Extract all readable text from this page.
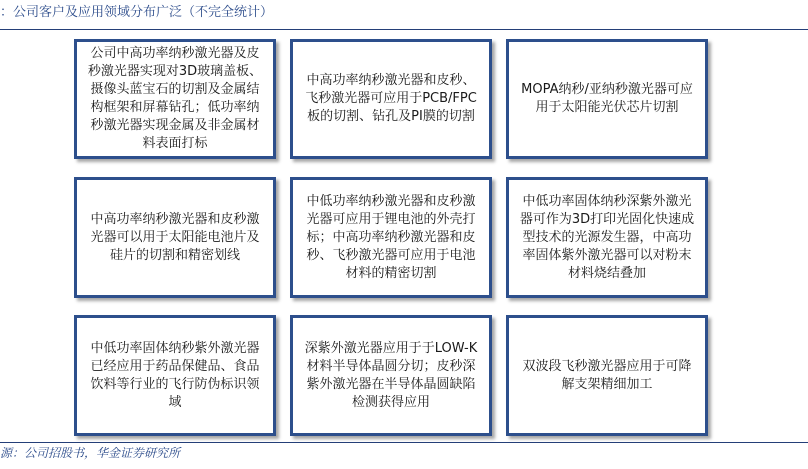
：公司客户及应用领域分布广泛（不完全统计）
公司中高功率纳秒激光器及皮秒激光器实现对3D玻璃盖板、摄像头蓝宝石的切割及金属结构框架和屏幕钻孔；低功率纳秒激光器实现金属及非金属材料表面打标
中高功率纳秒激光器和皮秒、飞秒激光器可应用于PCB/FPC板的切割、钻孔及PI膜的切割
MOPA纳秒/亚纳秒激光器可应用于太阳能光伏芯片切割
中高功率纳秒激光器和皮秒激光器可以用于太阳能电池片及硅片的切割和精密划线
中低功率纳秒激光器和皮秒激光器可应用于锂电池的外壳打标；中高功率纳秒激光器和皮秒、飞秒激光器可应用于电池材料的精密切割
中低功率固体纳秒深紫外激光器可作为3D打印光固化快速成型技术的光源发生器，中高功率固体紫外激光器可以对粉末材料烧结叠加
中低功率固体纳秒紫外激光器已经应用于药品保健品、食品饮料等行业的飞行防伪标识领域
深紫外激光器应用于于LOW-K材料半导体晶圆分切；皮秒深紫外激光器在半导体晶圆缺陷检测获得应用
双波段飞秒激光器应用于可降解支架精细加工
源：公司招股书，华金证券研究所
